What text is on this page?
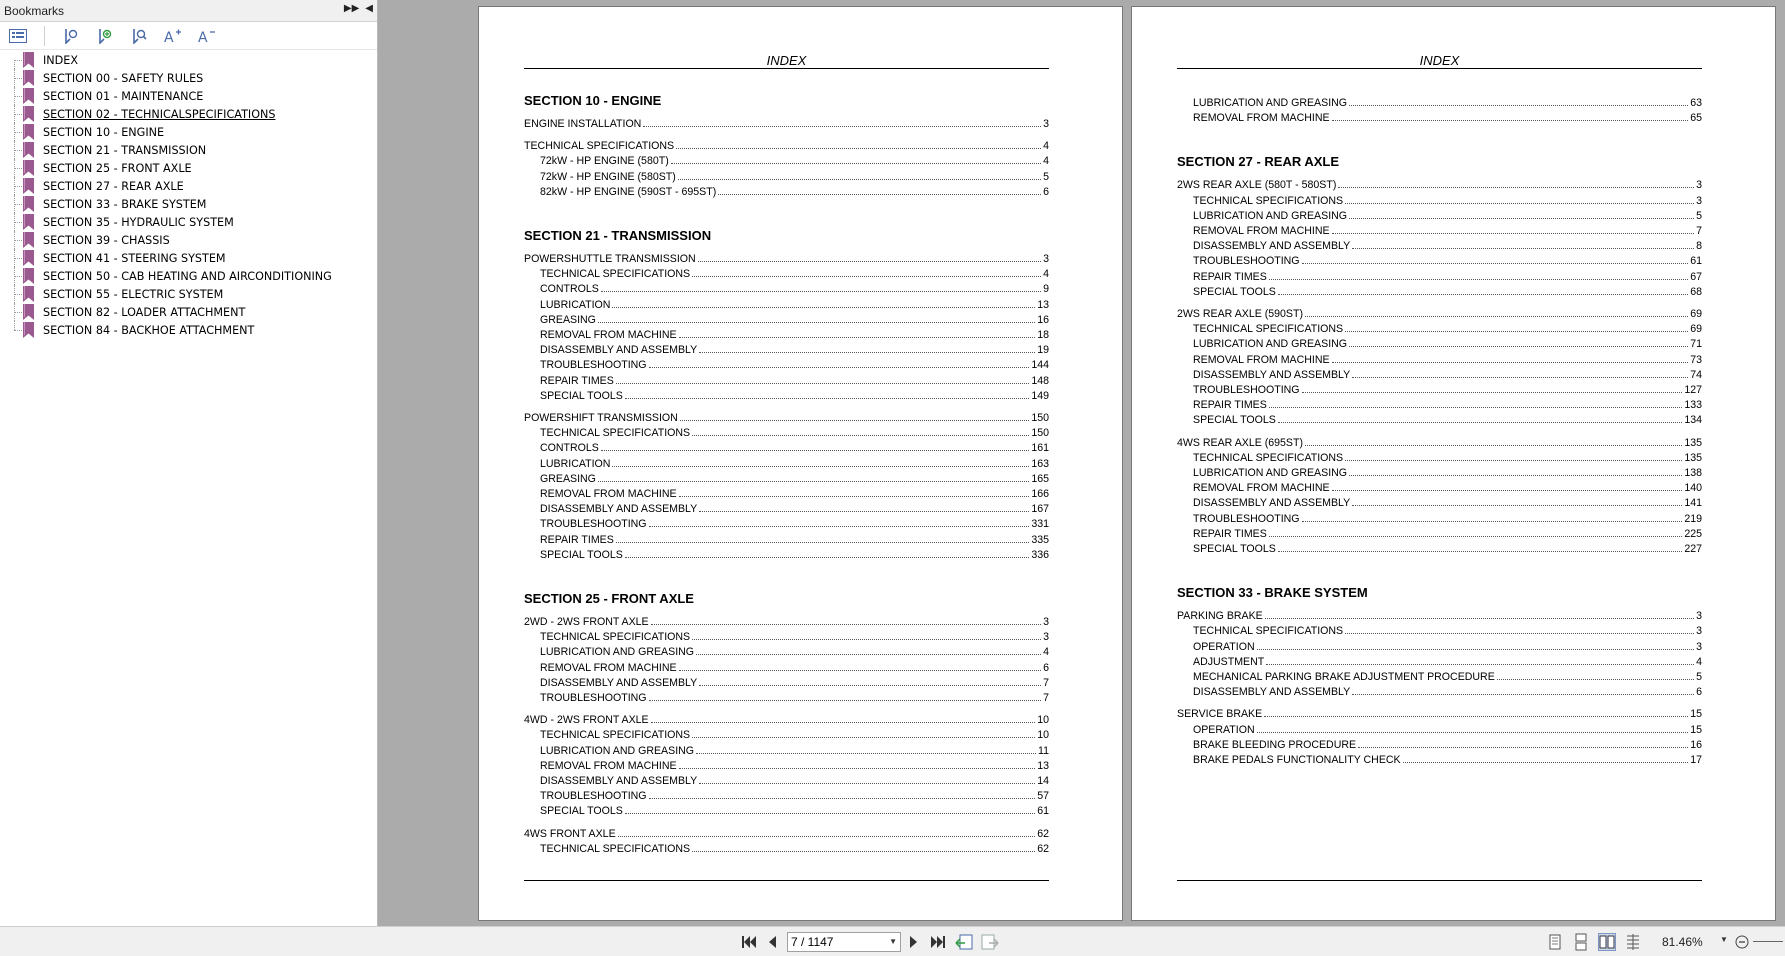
Bookmarks	▶▶ ◀
A A
INDEX
SECTION 00 - SAFETY RULES
SECTION 01 - MAINTENANCE
SECTION 02 - TECHNICALSPECIFICATIONS
SECTION 10 - ENGINE
SECTION 21 - TRANSMISSION
SECTION 25 - FRONT AXLE
SECTION 27 - REAR AXLE
SECTION 33 - BRAKE SYSTEM
SECTION 35 - HYDRAULIC SYSTEM
SECTION 39 - CHASSIS
SECTION 41 - STEERING SYSTEM
SECTION 50 - CAB HEATING AND AIRCONDITIONING
SECTION 55 - ELECTRIC SYSTEM
SECTION 82 - LOADER ATTACHMENT
SECTION 84 - BACKHOE ATTACHMENT
INDEX
SECTION 10 - ENGINE
ENGINE INSTALLATION	3
TECHNICAL SPECIFICATIONS	4
72kW - HP ENGINE (580T)	4
72kW - HP ENGINE (580ST)	5
82kW - HP ENGINE (590ST - 695ST)	6
SECTION 21 - TRANSMISSION
POWERSHUTTLE TRANSMISSION	3
TECHNICAL SPECIFICATIONS	4
CONTROLS	9
LUBRICATION	13
GREASING	16
REMOVAL FROM MACHINE	18
DISASSEMBLY AND ASSEMBLY	19
TROUBLESHOOTING	144
REPAIR TIMES	148
SPECIAL TOOLS	149
POWERSHIFT TRANSMISSION	150
TECHNICAL SPECIFICATIONS	150
CONTROLS	161
LUBRICATION	163
GREASING	165
REMOVAL FROM MACHINE	166
DISASSEMBLY AND ASSEMBLY	167
TROUBLESHOOTING	331
REPAIR TIMES	335
SPECIAL TOOLS	336
SECTION 25 - FRONT AXLE
2WD - 2WS FRONT AXLE	3
TECHNICAL SPECIFICATIONS	3
LUBRICATION AND GREASING	4
REMOVAL FROM MACHINE	6
DISASSEMBLY AND ASSEMBLY	7
TROUBLESHOOTING	7
4WD - 2WS FRONT AXLE	10
TECHNICAL SPECIFICATIONS	10
LUBRICATION AND GREASING	11
REMOVAL FROM MACHINE	13
DISASSEMBLY AND ASSEMBLY	14
TROUBLESHOOTING	57
SPECIAL TOOLS	61
4WS FRONT AXLE	62
TECHNICAL SPECIFICATIONS	62
INDEX
LUBRICATION AND GREASING	63
REMOVAL FROM MACHINE	65
SECTION 27 - REAR AXLE
2WS REAR AXLE (580T - 580ST)	3
TECHNICAL SPECIFICATIONS	3
LUBRICATION AND GREASING	5
REMOVAL FROM MACHINE	7
DISASSEMBLY AND ASSEMBLY	8
TROUBLESHOOTING	61
REPAIR TIMES	67
SPECIAL TOOLS	68
2WS REAR AXLE (590ST)	69
TECHNICAL SPECIFICATIONS	69
LUBRICATION AND GREASING	71
REMOVAL FROM MACHINE	73
DISASSEMBLY AND ASSEMBLY	74
TROUBLESHOOTING	127
REPAIR TIMES	133
SPECIAL TOOLS	134
4WS REAR AXLE (695ST)	135
TECHNICAL SPECIFICATIONS	135
LUBRICATION AND GREASING	138
REMOVAL FROM MACHINE	140
DISASSEMBLY AND ASSEMBLY	141
TROUBLESHOOTING	219
REPAIR TIMES	225
SPECIAL TOOLS	227
SECTION 33 - BRAKE SYSTEM
PARKING BRAKE	3
TECHNICAL SPECIFICATIONS	3
OPERATION	3
ADJUSTMENT	4
MECHANICAL PARKING BRAKE ADJUSTMENT PROCEDURE	5
DISASSEMBLY AND ASSEMBLY	6
SERVICE BRAKE	15
OPERATION	15
BRAKE BLEEDING PROCEDURE	16
BRAKE PEDALS FUNCTIONALITY CHECK	17
7 / 1147	▼	81.46% ▼
